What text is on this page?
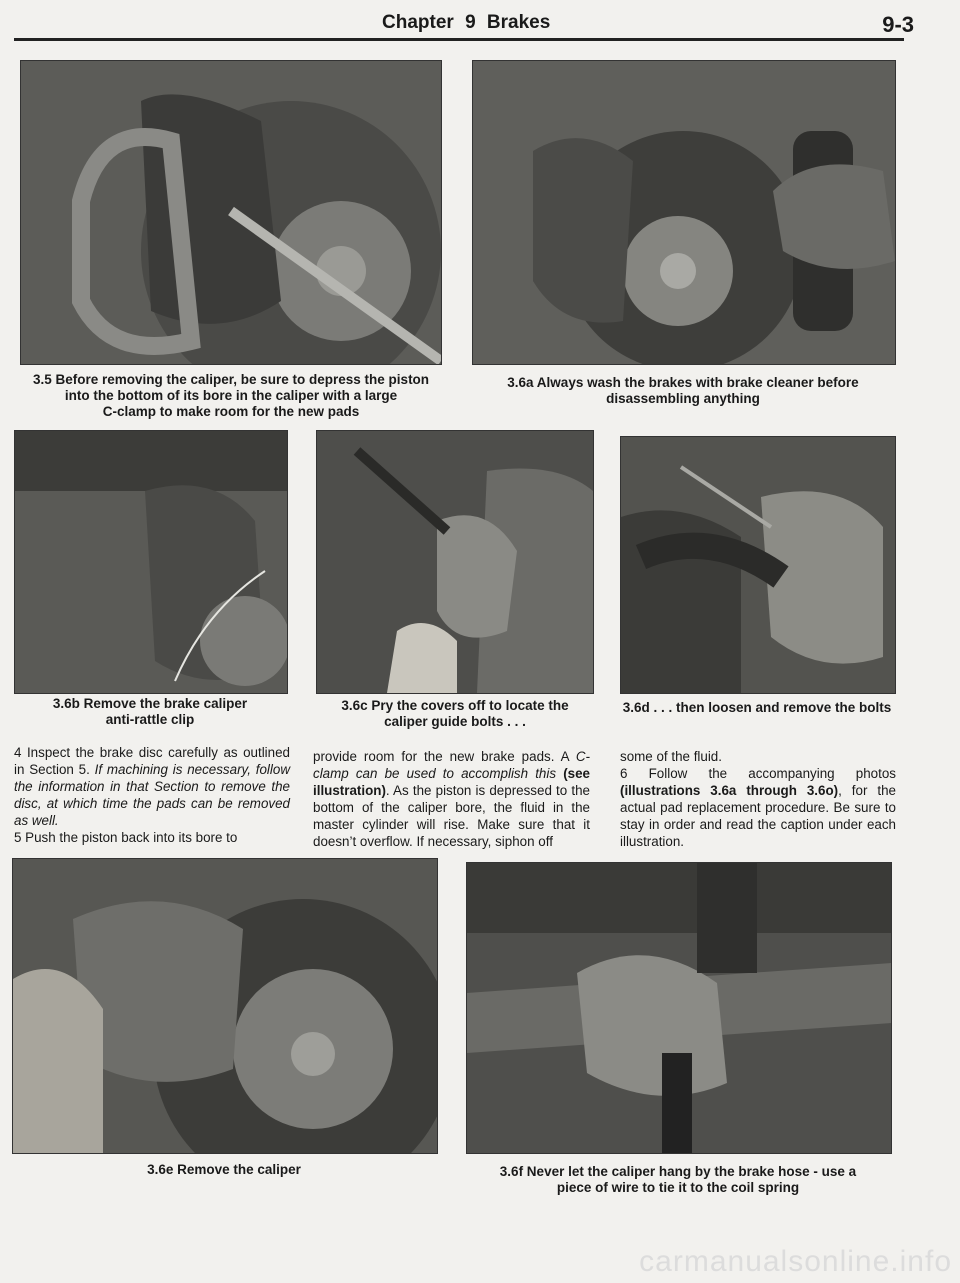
Chapter 9 Brakes	9-3
3.5 Before removing the caliper, be sure to depress the piston
into the bottom of its bore in the caliper with a large
C-clamp to make room for the new pads
3.6a Always wash the brakes with brake cleaner before
disassembling anything
3.6b Remove the brake caliper
anti-rattle clip
3.6c Pry the covers off to locate the
caliper guide bolts . . .
3.6d . . . then loosen and remove the bolts

4 Inspect the brake disc carefully as outlined in Section 5. If machining is necessary, follow the information in that Section to remove the disc, at which time the pads can be removed as well.

5 Push the piston back into its bore to

provide room for the new brake pads. A C-clamp can be used to accomplish this (see illustration). As the piston is depressed to the bottom of the caliper bore, the fluid in the master cylinder will rise. Make sure that it doesn’t overflow. If necessary, siphon off

some of the fluid.

6 Follow the accompanying photos (illustrations 3.6a through 3.6o), for the actual pad replacement procedure. Be sure to stay in order and read the caption under each illustration.

3.6e Remove the caliper	3.6f Never let the caliper hang by the brake hose - use a
piece of wire to tie it to the coil spring
carmanualsonline.info
